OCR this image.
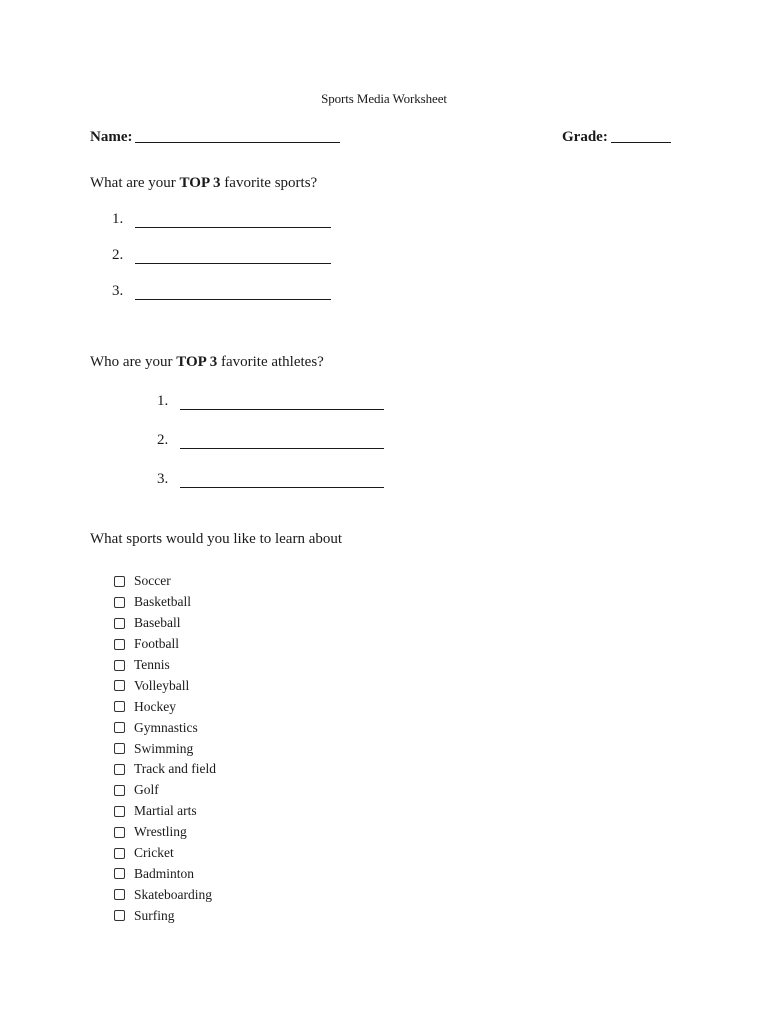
Sports Media Worksheet
Name:	Grade:
What are your TOP 3 favorite sports?
1.
2.
3.
Who are your TOP 3 favorite athletes?
1.
2.
3.
What sports would you like to learn about
Soccer
Basketball
Baseball
Football
Tennis
Volleyball
Hockey
Gymnastics
Swimming
Track and field
Golf
Martial arts
Wrestling
Cricket
Badminton
Skateboarding
Surfing
